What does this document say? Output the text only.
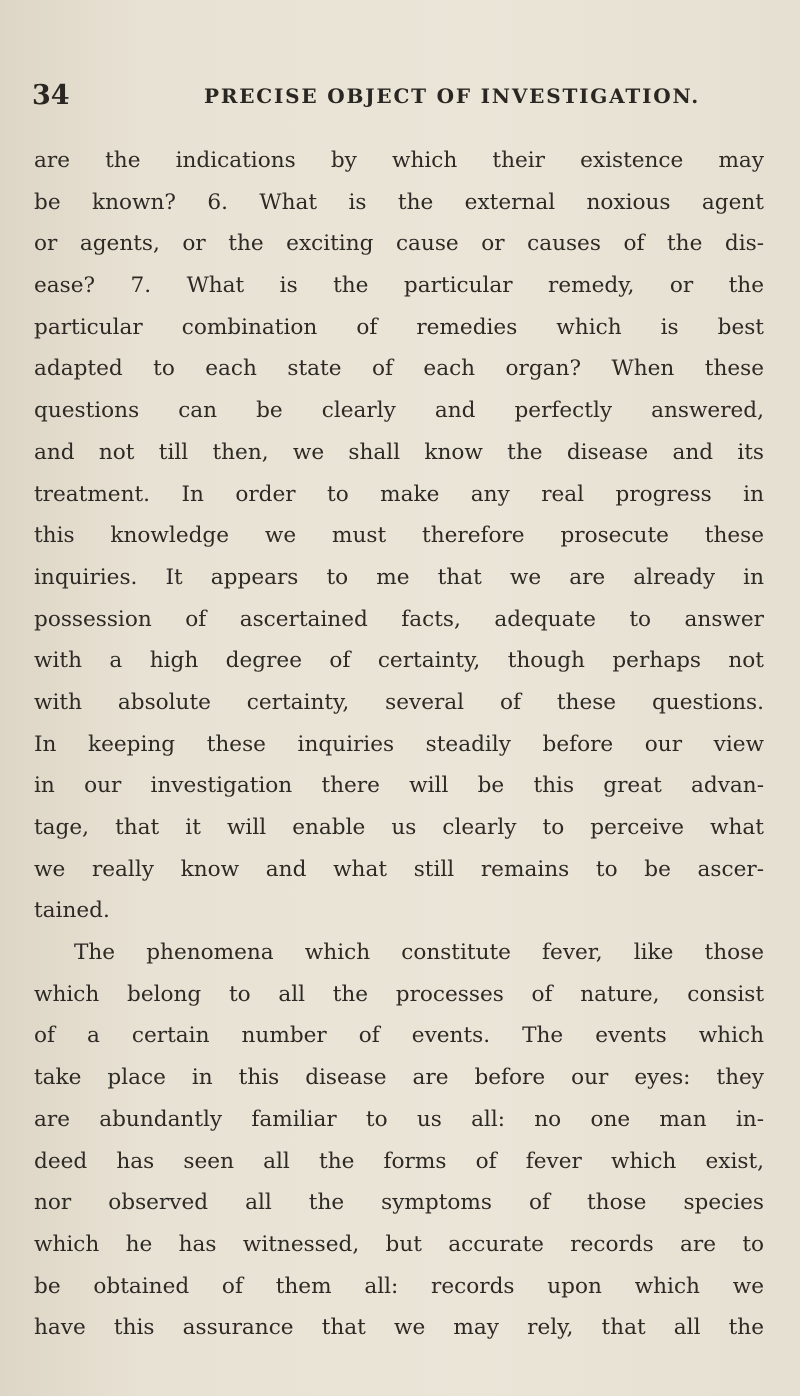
34	PRECISE OBJECT OF INVESTIGATION.
are the indications by which their existence may
be known? 6. What is the external noxious agent
or agents, or the exciting cause or causes of the dis-
ease? 7. What is the particular remedy, or the
particular combination of remedies which is best
adapted to each state of each organ? When these
questions can be clearly and perfectly answered,
and not till then, we shall know the disease and its
treatment. In order to make any real progress in
this knowledge we must therefore prosecute these
inquiries. It appears to me that we are already in
possession of ascertained facts, adequate to answer
with a high degree of certainty, though perhaps not
with absolute certainty, several of these questions.
In keeping these inquiries steadily before our view
in our investigation there will be this great advan-
tage, that it will enable us clearly to perceive what
we really know and what still remains to be ascer-
tained.
The phenomena which constitute fever, like those
which belong to all the processes of nature, consist
of a certain number of events. The events which
take place in this disease are before our eyes: they
are abundantly familiar to us all: no one man in-
deed has seen all the forms of fever which exist,
nor observed all the symptoms of those species
which he has witnessed, but accurate records are to
be obtained of them all: records upon which we
have this assurance that we may rely, that all the
